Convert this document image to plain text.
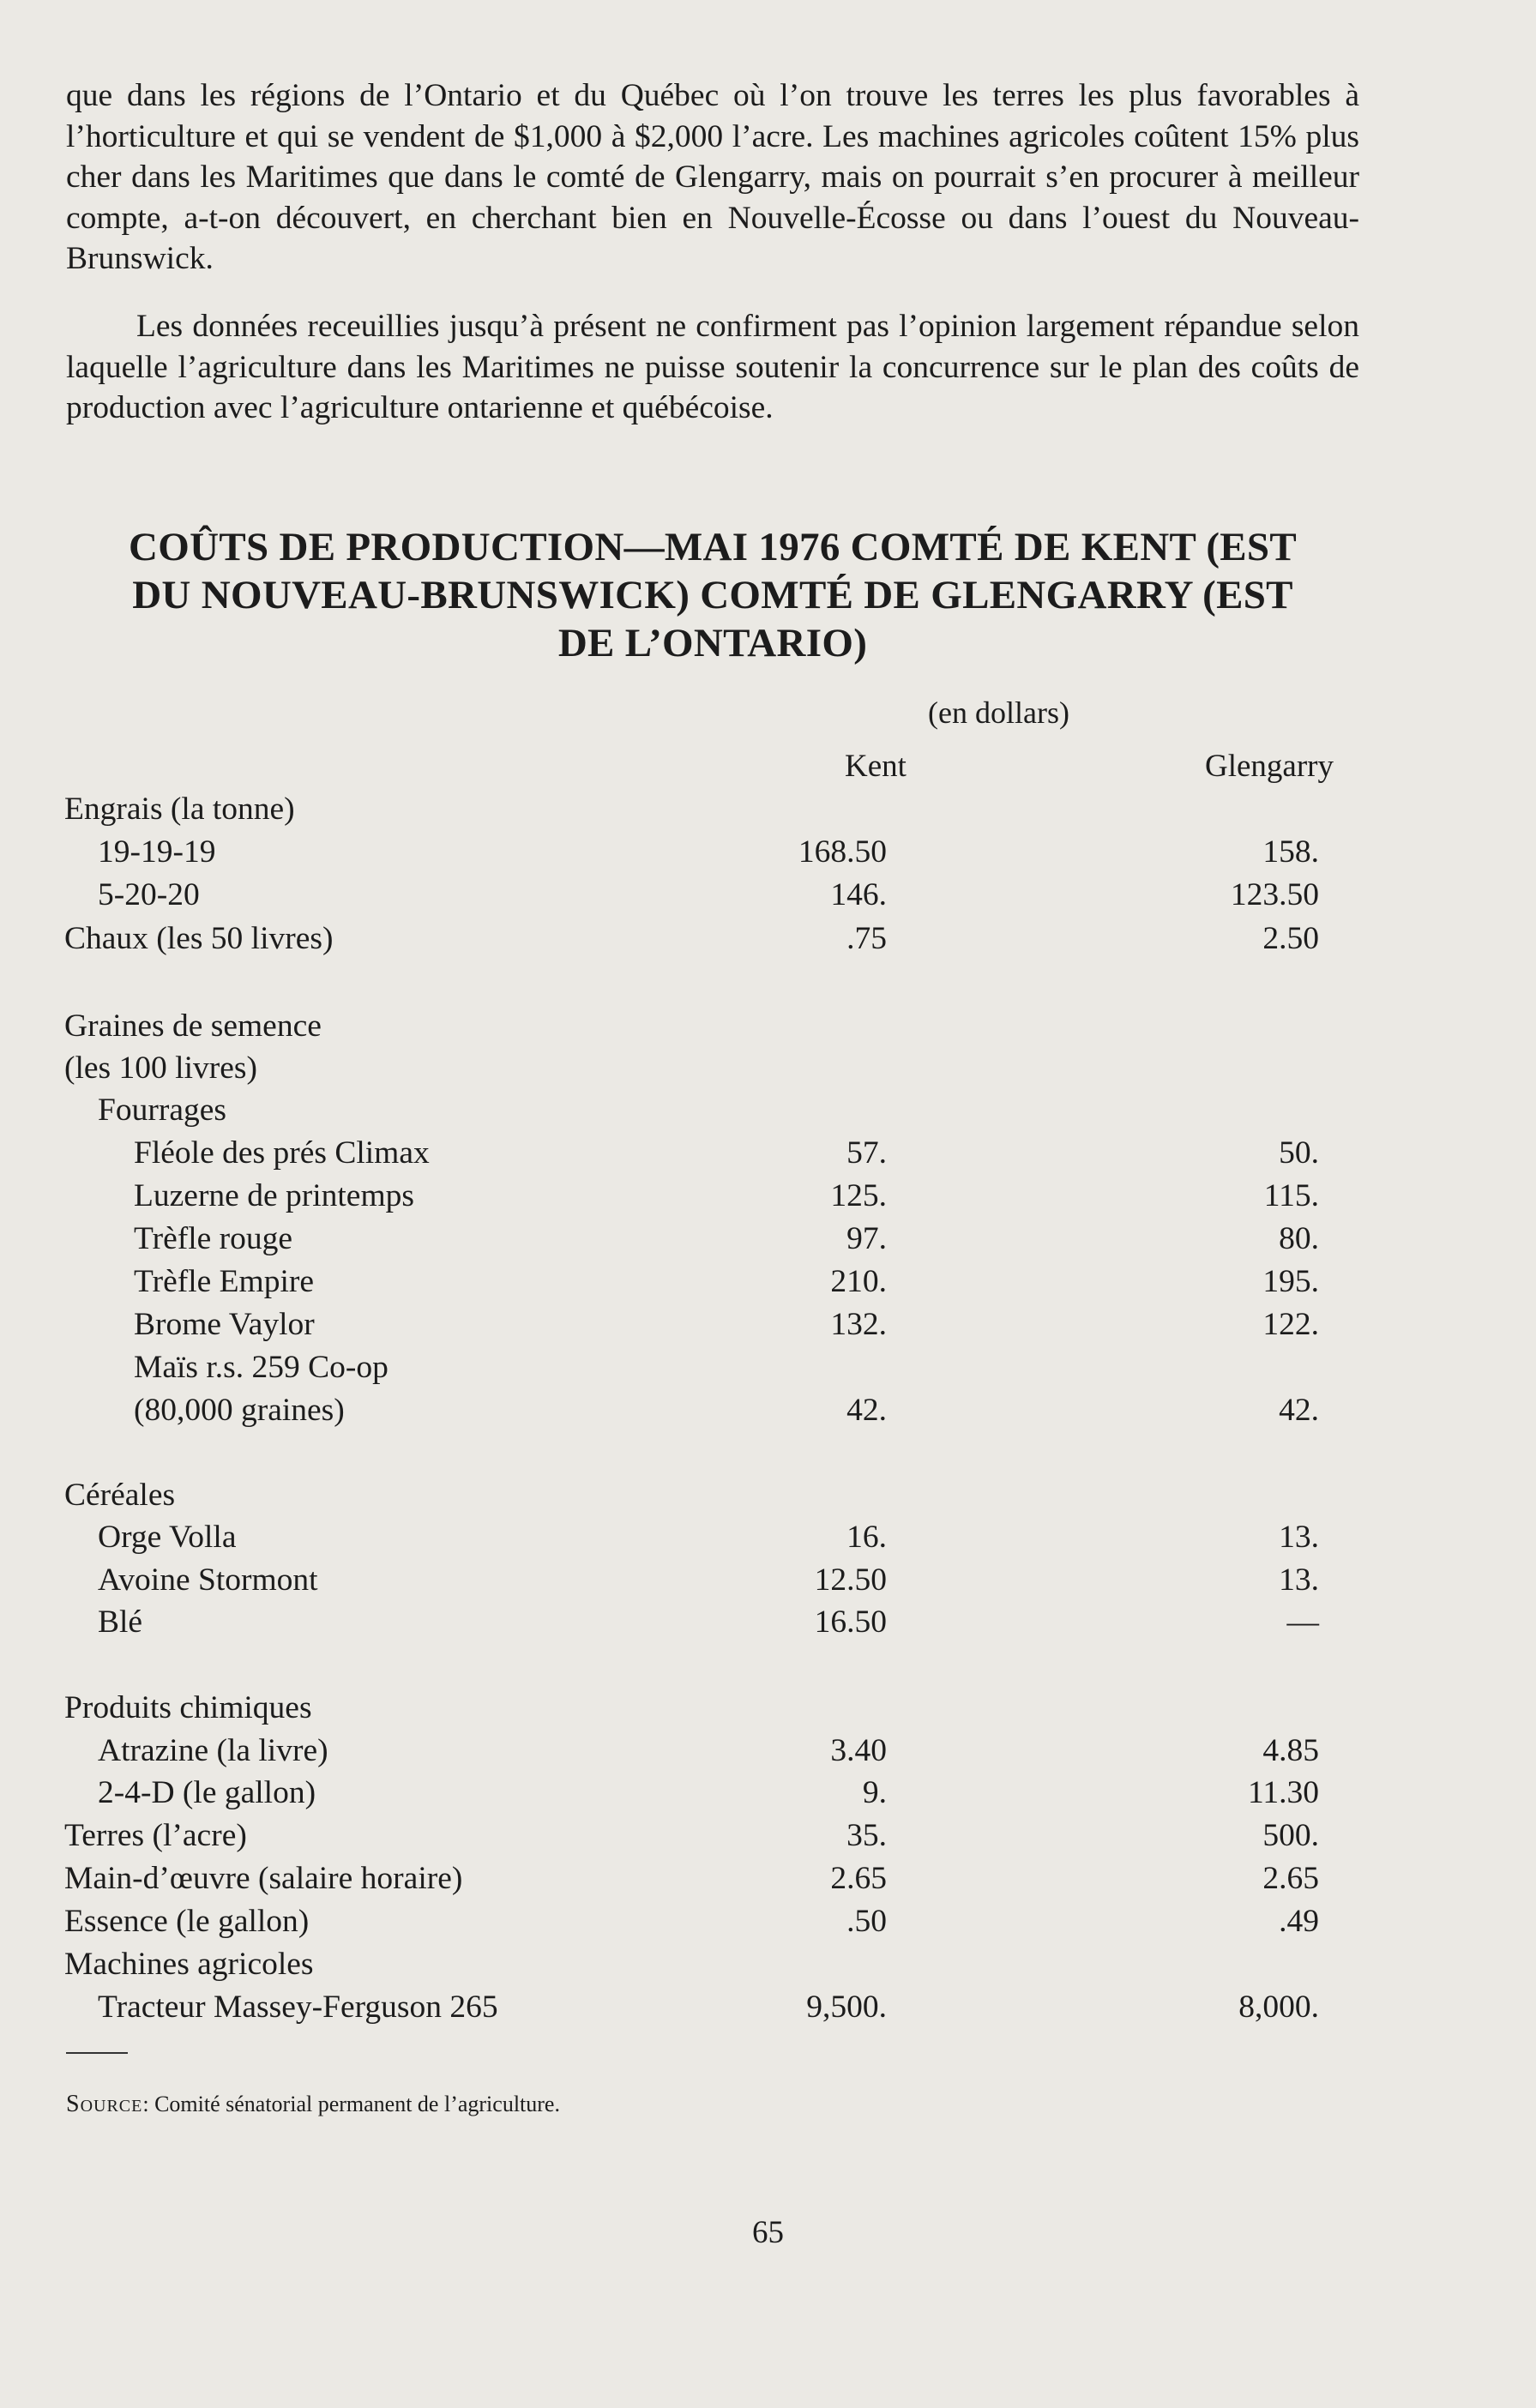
que dans les régions de l’Ontario et du Québec où l’on trouve les terres les plus favorables à l’horticulture et qui se vendent de $1,000 à $2,000 l’acre. Les machines agricoles coûtent 15% plus cher dans les Maritimes que dans le comté de Glengarry, mais on pourrait s’en procurer à meilleur compte, a-t-on découvert, en cherchant bien en Nouvelle-Écosse ou dans l’ouest du Nouveau-Brunswick.

Les données receuillies jusqu’à présent ne confirment pas l’opinion largement répandue selon laquelle l’agriculture dans les Maritimes ne puisse soutenir la concurrence sur le plan des coûts de production avec l’agriculture ontarienne et québécoise.

COÛTS DE PRODUCTION—MAI 1976 COMTÉ DE KENT (EST
DU NOUVEAU-BRUNSWICK) COMTÉ DE GLENGARRY (EST
DE L’ONTARIO)
(en dollars)
Kent	Glengarry
Engrais (la tonne)
19-19-19	168.50	158.
5-20-20	146.	123.50
Chaux (les 50 livres)	.75	2.50
Graines de semence
(les 100 livres)
Fourrages
Fléole des prés Climax	57.	50.
Luzerne de printemps	125.	115.
Trèfle rouge	97.	80.
Trèfle Empire	210.	195.
Brome Vaylor	132.	122.
Maïs r.s. 259 Co-op
(80,000 graines)	42.	42.
Céréales
Orge Volla	16.	13.
Avoine Stormont	12.50	13.
Blé	16.50	—
Produits chimiques
Atrazine (la livre)	3.40	4.85
2-4-D (le gallon)	9.	11.30
Terres (l’acre)	35.	500.
Main-d’œuvre (salaire horaire)	2.65	2.65
Essence (le gallon)	.50	.49
Machines agricoles
Tracteur Massey-Ferguson 265	9,500.	8,000.
Source: Comité sénatorial permanent de l’agriculture.
65
